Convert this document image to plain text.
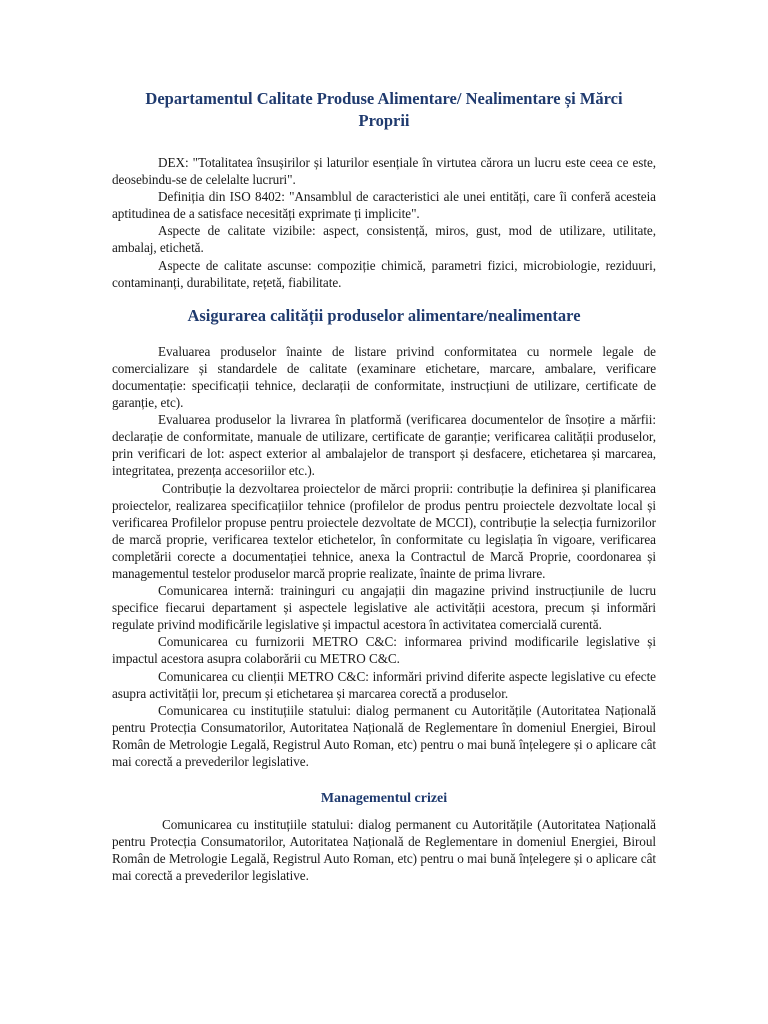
Departamentul Calitate Produse Alimentare/ Nealimentare și Mărci Proprii

DEX: "Totalitatea însușirilor și laturilor esențiale în virtutea cărora un lucru este ceea ce este, deosebindu-se de celelalte lucruri".

Definiția din ISO 8402: "Ansamblul de caracteristici ale unei entități, care îi conferă acesteia aptitudinea de a satisface necesități exprimate ți implicite".

Aspecte de calitate vizibile: aspect, consistență, miros, gust, mod de utilizare, utilitate, ambalaj, etichetă.

Aspecte de calitate ascunse: compoziție chimică, parametri fizici, microbiologie, reziduuri, contaminanți, durabilitate, rețetă, fiabilitate.

Asigurarea calității produselor alimentare/nealimentare

Evaluarea produselor înainte de listare privind conformitatea cu normele legale de comercializare și standardele de calitate (examinare etichetare, marcare, ambalare, verificare documentație: specificații tehnice, declarații de conformitate, instrucțiuni de utilizare, certificate de garanție, etc).

Evaluarea produselor la livrarea în platformă (verificarea documentelor de însoțire a mărfii: declarație de conformitate, manuale de utilizare, certificate de garanție; verificarea calității produselor, prin verificari de lot: aspect exterior al ambalajelor de transport și desfacere, etichetarea și marcarea, integritatea, prezența accesoriilor etc.).

Contribuție la dezvoltarea proiectelor de mărci proprii: contribuție la definirea și planificarea proiectelor, realizarea specificațiilor tehnice (profilelor de produs pentru proiectele dezvoltate local și verificarea Profilelor propuse pentru proiectele dezvoltate de MCCI), contribuție la selecția furnizorilor de marcă proprie, verificarea textelor etichetelor, în conformitate cu legislația în vigoare, verificarea completării corecte a documentației tehnice, anexa la Contractul de Marcă Proprie, coordonarea și managementul testelor produselor marcă proprie realizate, înainte de prima livrare.

Comunicarea internă: traininguri cu angajații din magazine privind instrucțiunile de lucru specifice fiecarui departament și aspectele legislative ale activității acestora, precum și informări regulate privind modificările legislative și impactul acestora în activitatea comercială curentă.

Comunicarea cu furnizorii METRO C&C: informarea privind modificarile legislative și impactul acestora asupra colaborării cu METRO C&C.

Comunicarea cu clienții METRO C&C: informări privind diferite aspecte legislative cu efecte asupra activității lor, precum și etichetarea și marcarea corectă a produselor.

Comunicarea cu instituțiile statului: dialog permanent cu Autoritățile (Autoritatea Națională pentru Protecția Consumatorilor, Autoritatea Națională de Reglementare în domeniul Energiei, Biroul Român de Metrologie Legală, Registrul Auto Roman, etc) pentru o mai bună înțelegere și o aplicare cât mai corectă a prevederilor legislative.

Managementul crizei

Comunicarea cu instituțiile statului: dialog permanent cu Autoritățile (Autoritatea Națională pentru Protecția Consumatorilor, Autoritatea Națională de Reglementare in domeniul Energiei, Biroul Român de Metrologie Legală, Registrul Auto Roman, etc) pentru o mai bună înțelegere și o aplicare cât mai corectă a prevederilor legislative.
